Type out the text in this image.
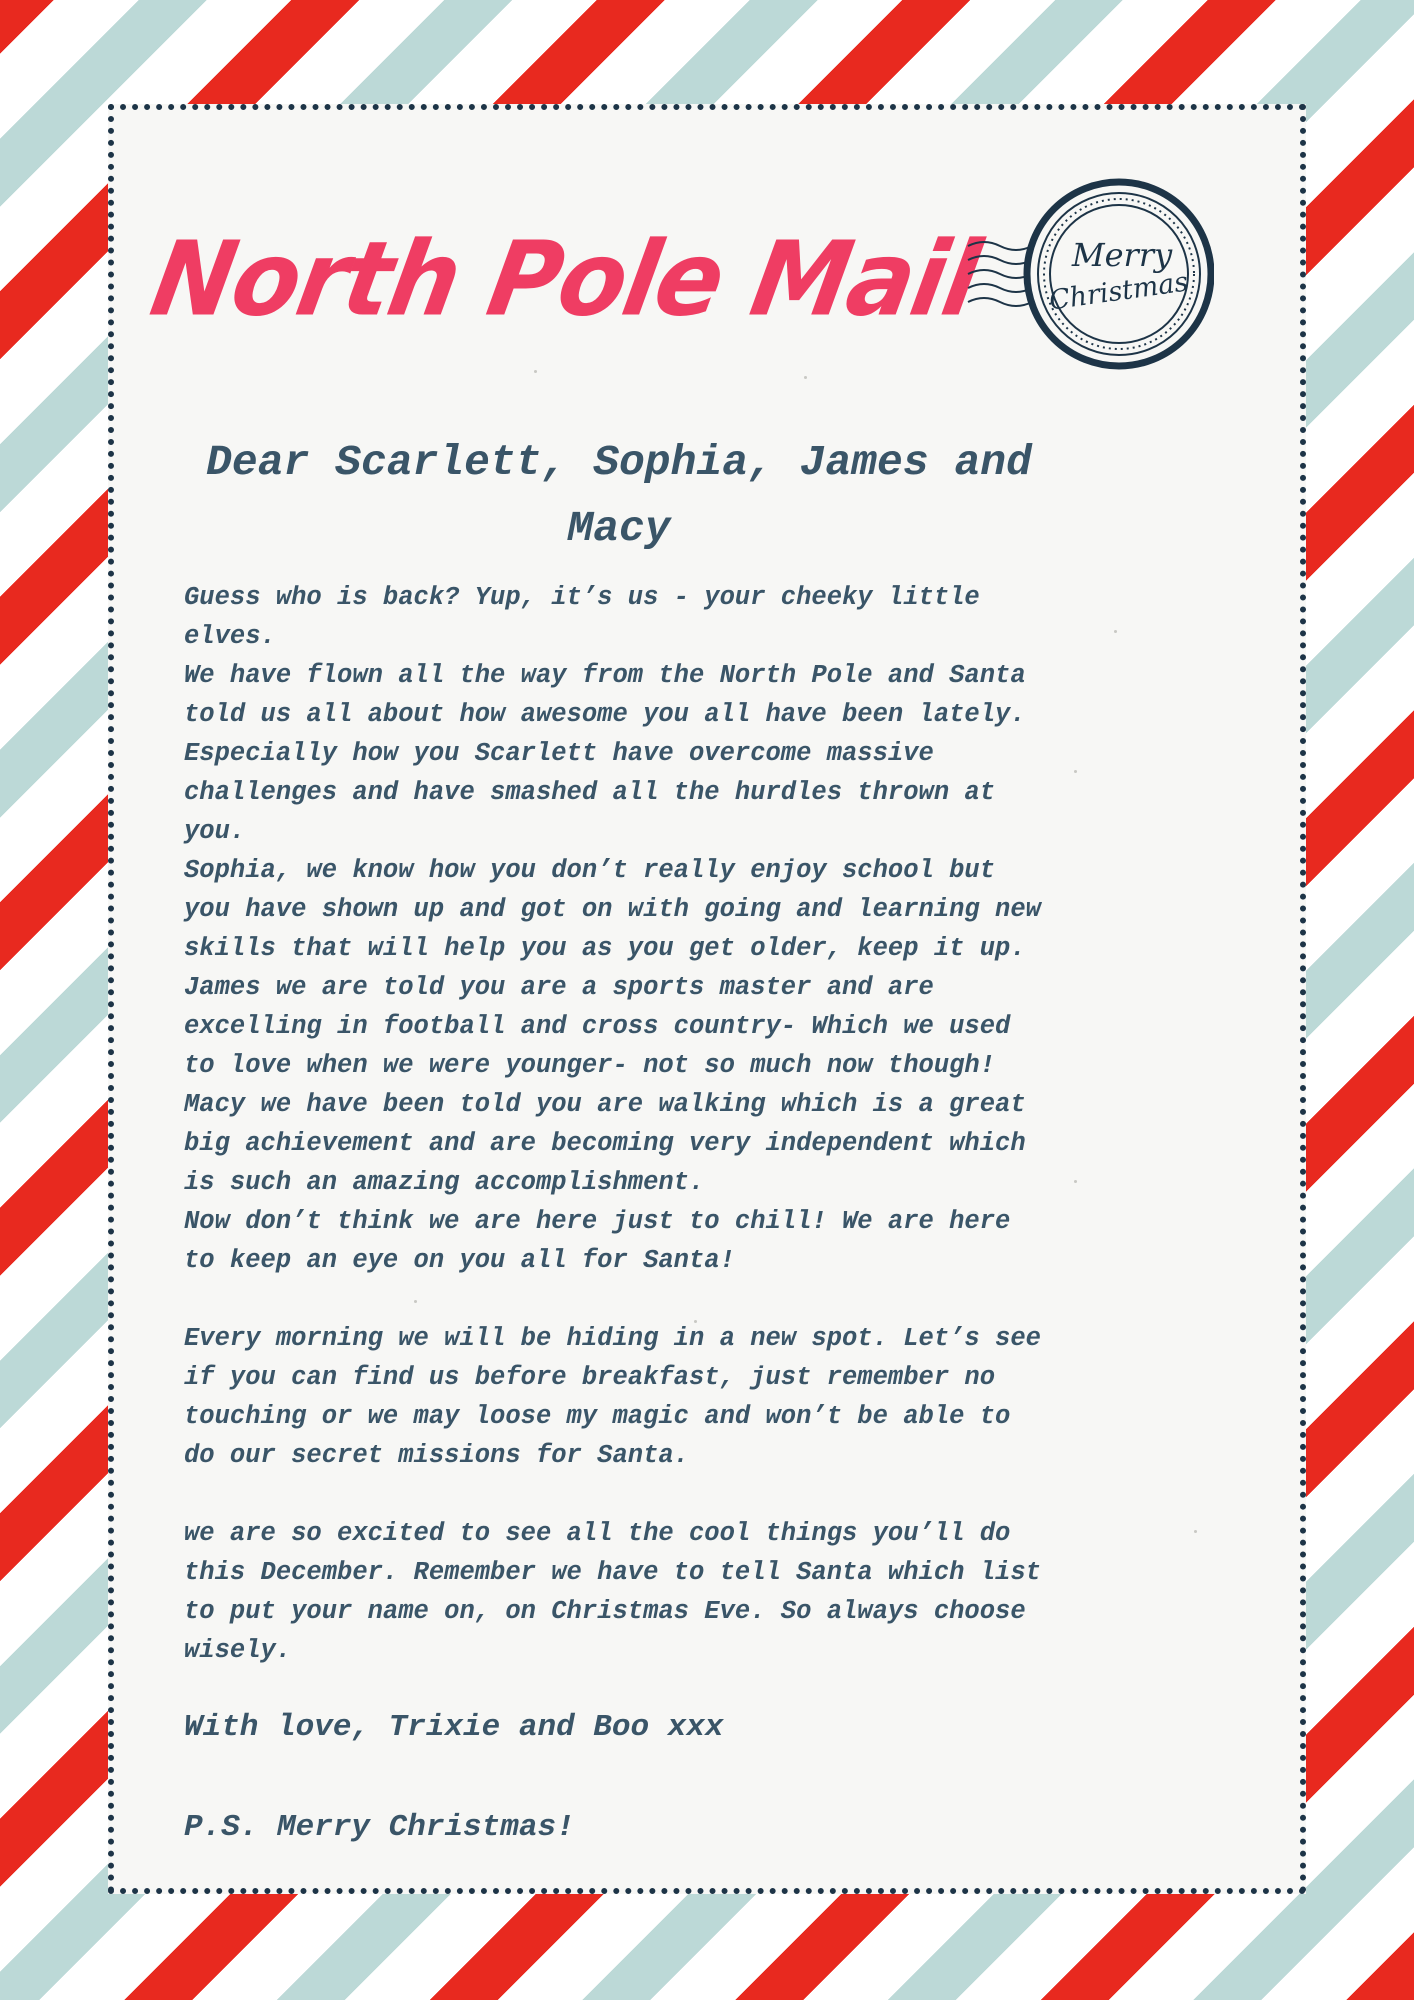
North Pole Mail	Merry
Christmas
Dear Scarlett, Sophia, James and Macy

Guess who is back? Yup, it’s us - your cheeky little
elves.
We have flown all the way from the North Pole and Santa
told us all about how awesome you all have been lately.
Especially how you Scarlett have overcome massive
challenges and have smashed all the hurdles thrown at
you.
Sophia, we know how you don’t really enjoy school but
you have shown up and got on with going and learning new
skills that will help you as you get older, keep it up.
James we are told you are a sports master and are
excelling in football and cross country- Which we used
to love when we were younger- not so much now though!
Macy we have been told you are walking which is a great
big achievement and are becoming very independent which
is such an amazing accomplishment.
Now don’t think we are here just to chill! We are here
to keep an eye on you all for Santa!

Every morning we will be hiding in a new spot. Let’s see
if you can find us before breakfast, just remember no
touching or we may loose my magic and won’t be able to
do our secret missions for Santa.

we are so excited to see all the cool things you’ll do
this December. Remember we have to tell Santa which list
to put your name on, on Christmas Eve. So always choose
wisely.

With love, Trixie and Boo xxx

P.S. Merry Christmas!
